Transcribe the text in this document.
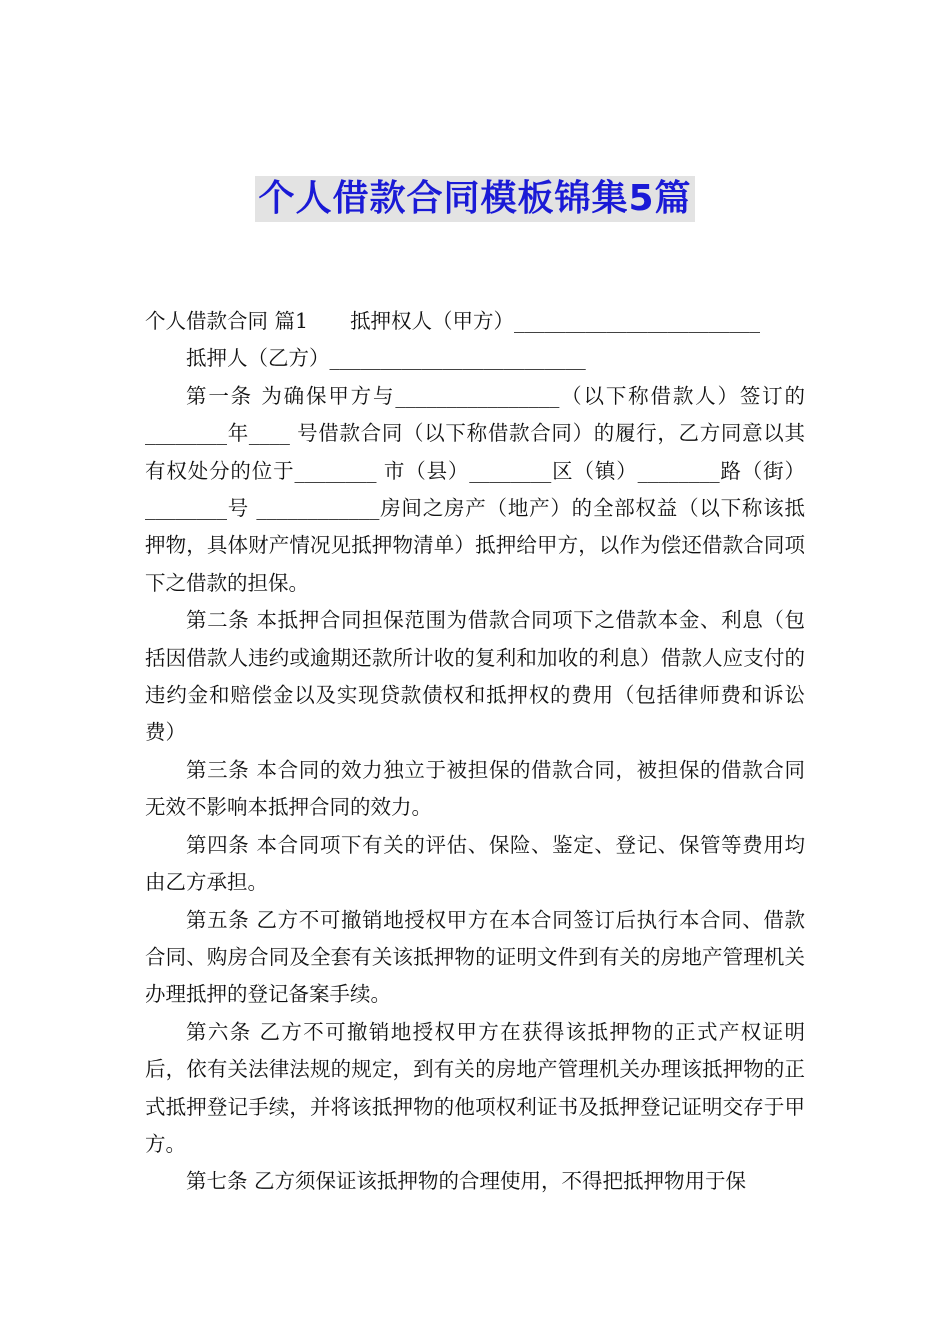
个人借款合同模板锦集5篇

个人借款合同 篇1 抵押权人（甲方）________________________

抵押人（乙方）_________________________

第一条 为确保甲方与________________（以下称借款人）签订的________年____ 号借款合同（以下称借款合同）的履行，乙方同意以其有权处分的位于________ 市（县）________区（镇）________路（街）________号 ____________房间之房产（地产）的全部权益（以下称该抵押物，具体财产情况见抵押物清单）抵押给甲方，以作为偿还借款合同项下之借款的担保。

第二条 本抵押合同担保范围为借款合同项下之借款本金、利息（包括因借款人违约或逾期还款所计收的复利和加收的利息）借款人应支付的违约金和赔偿金以及实现贷款债权和抵押权的费用（包括律师费和诉讼费）

第三条 本合同的效力独立于被担保的借款合同，被担保的借款合同无效不影响本抵押合同的效力。

第四条 本合同项下有关的评估、保险、鉴定、登记、保管等费用均由乙方承担。

第五条 乙方不可撤销地授权甲方在本合同签订后执行本合同、借款合同、购房合同及全套有关该抵押物的证明文件到有关的房地产管理机关办理抵押的登记备案手续。

第六条 乙方不可撤销地授权甲方在获得该抵押物的正式产权证明后，依有关法律法规的规定，到有关的房地产管理机关办理该抵押物的正式抵押登记手续，并将该抵押物的他项权利证书及抵押登记证明交存于甲方。

第七条 乙方须保证该抵押物的合理使用，不得把抵押物用于保
